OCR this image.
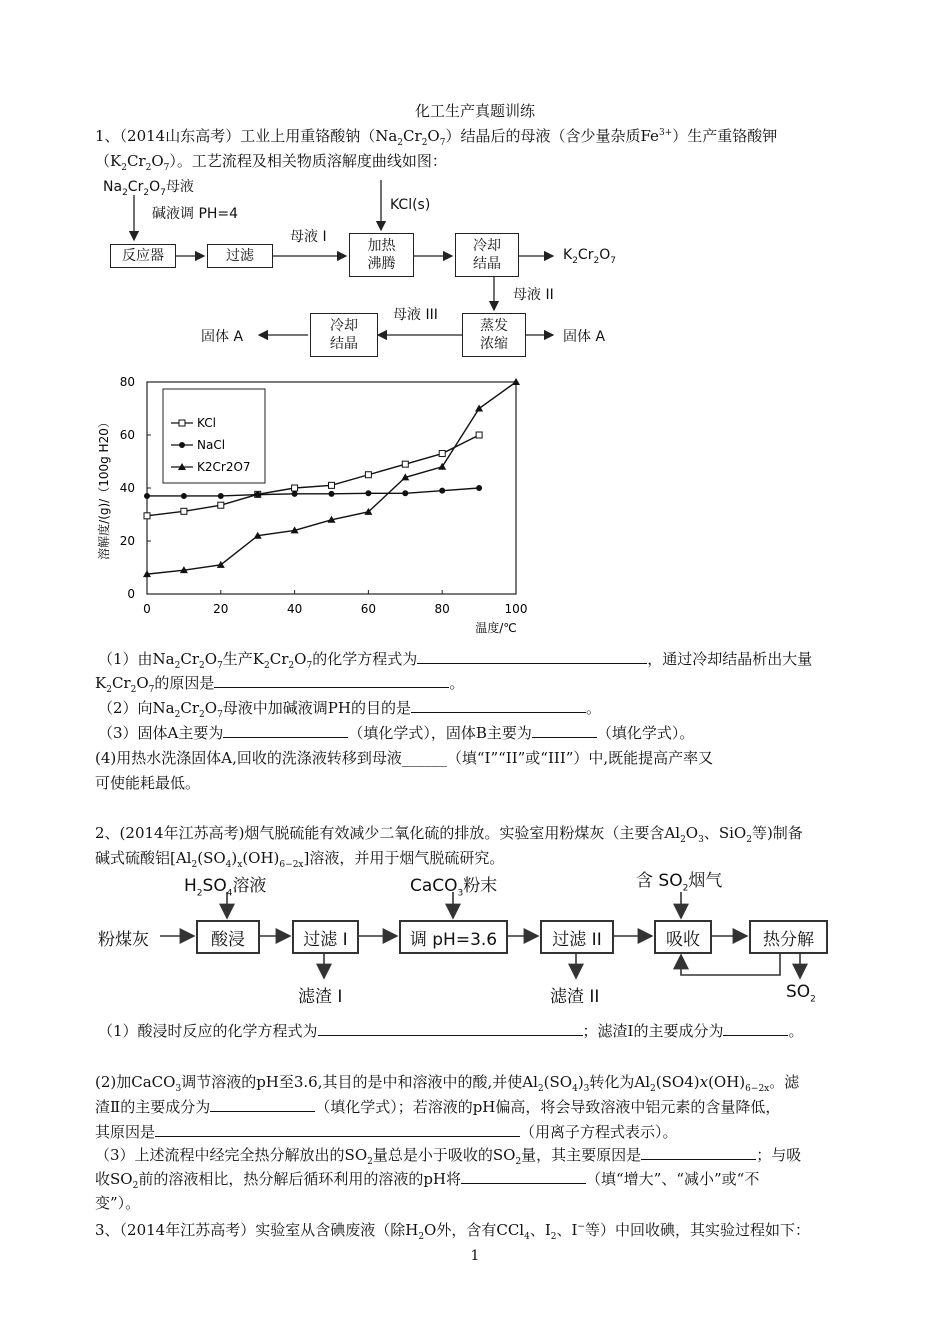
化工生产真题训练
1、（2014山东高考）工业上用重铬酸钠$(Na_2Cr_2O_7)$结晶后的母液（含少量杂质$Fe^{3+}$）生产重铬酸钾
$(K_2Cr_2O_7)$。工艺流程及相关物质溶解度曲线如图：
$Na_2Cr_2O_7$母液
碱液调 PH=4
反应器	过滤
母液 I
KCl(s)
加热
沸腾
冷却
结晶
$K_2Cr_2O_7$
母液 II
母液 III
蒸发
浓缩
冷却
结晶
固体 A	固体 A
0	20	40	60	80	100
0
20
40
60
80
温度/℃
溶解度/(g)/（100g H20）	KCl
NaCl
K2Cr2O7
（1）由$Na_2Cr_2O_7$生产$K_2Cr_2O_7$的化学方程式为	，通过冷却结晶析出大量
$K_2Cr_2O_7$的原因是	。
（2）向$Na_2Cr_2O_7$母液中加碱液调PH的目的是	。
（3）固体A主要为	（填化学式），固体B主要为	（填化学式）。
(4)用热水洗涤固体A,回收的洗涤液转移到母液______（填“I”“II”或“III”）中,既能提高产率又
可使能耗最低。
2、(2014年江苏高考)烟气脱硫能有效减少二氧化硫的排放。实验室用粉煤灰（主要含$Al_2O_3$、SiO$_2$等)制备
碱式硫酸铝$[Al_2(SO_4)_x(OH)_{6-2x}]$溶液，并用于烟气脱硫研究。
$H_2SO_4$溶液	CaCO$_3$粉末	含 $SO_2$烟气
粉煤灰	酸浸	过滤 I	调 pH=3.6	过滤 II	吸收	热分解
滤渣 I	滤渣 II	$SO_2$
（1）酸浸时反应的化学方程式为	；滤渣Ⅰ的主要成分为	。
(2)加CaCO$_3$调节溶液的pH至3.6,其目的是中和溶液中的酸,并使$Al_2(SO_4)_3$转化为$Al_2(SO4)x(OH)_{6-2x}$。滤
渣Ⅱ的主要成分为	（填化学式）；若溶液的pH偏高，将会导致溶液中铝元素的含量降低，
其原因是	（用离子方程式表示）。
（3）上述流程中经完全热分解放出的$SO_2$量总是小于吸收的$SO_2$量，其主要原因是	；与吸
收$SO_2$前的溶液相比，热分解后循环利用的溶液的pH将	（填“增大”、“减小”或“不
变”）。
3、（2014年江苏高考）实验室从含碘废液（除$H_2O$外，含有CCl$_4$、$I_2$、I−等）中回收碘，其实验过程如下：
1
